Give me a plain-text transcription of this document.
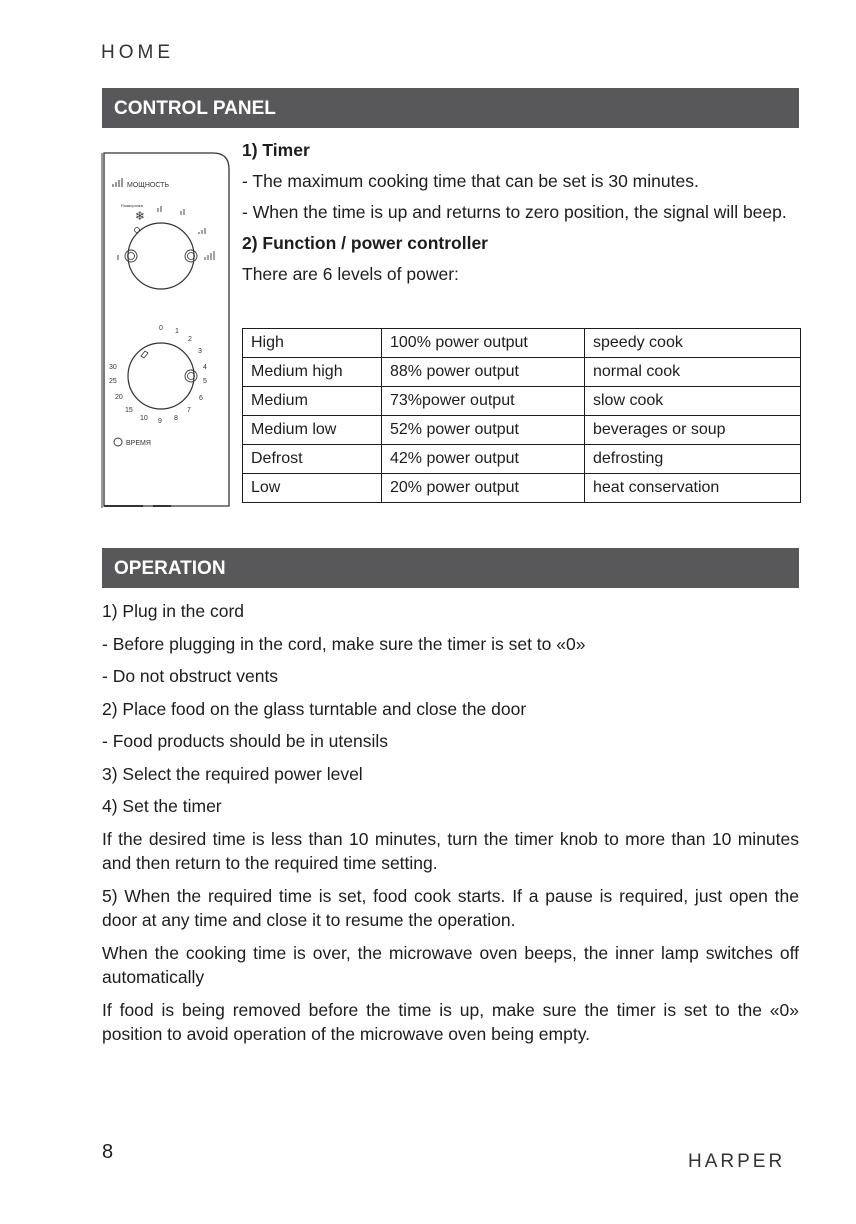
HOME
CONTROL PANEL
МОЩНОСТЬ
Разморозка
❄
0 1
2
3
4
5
6
7
8
9
10
15
20
25
30
ВРЕМЯ
1) Timer

- The maximum cooking time that can be set is 30 minutes.

- When the time is up and returns to zero position, the signal will beep.

2) Function / power controller

There are 6 levels of power:

High	100% power output	speedy cook
Medium high	88% power output	normal cook
Medium	73%power output	slow cook
Medium low	52% power output	beverages or soup
Defrost	42% power output	defrosting
Low	20% power output	heat conservation
OPERATION

1) Plug in the cord

- Before plugging in the cord, make sure the timer is set to «0»

- Do not obstruct vents

2) Place food on the glass turntable and close the door

- Food products should be in utensils

3) Select the required power level

4) Set the timer

If the desired time is less than 10 minutes, turn the timer knob to more than 10 minutes and then return to the required time setting.

5) When the required time is set, food cook starts. If a pause is required, just open the door at any time and close it to resume the operation.

When the cooking time is over, the microwave oven beeps, the inner lamp switches off automatically

If food is being removed before the time is up, make sure the timer is set to the «0» position to avoid operation of the microwave oven being empty.

8	HARPER
